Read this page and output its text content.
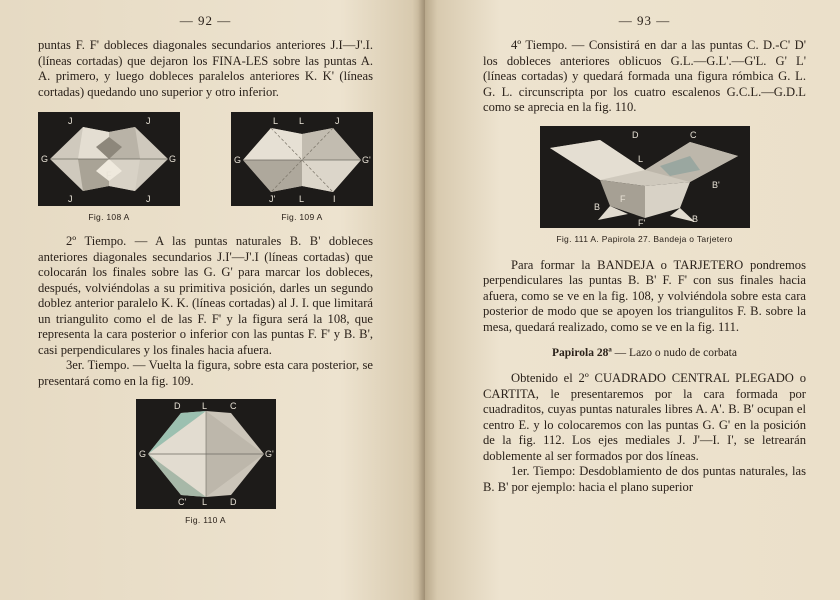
— 92 —

puntas F. F' dobleces diagonales secundarios anteriores J.I—J'.I. (líneas cortadas) que dejaron los FINA-LES sobre las puntas A. A. primero, y luego dobleces paralelos anteriores K. K' (líneas cortadas) quedando uno superior y otro inferior.

J	J
G	G
F
J	J
Fig. 108 A
L L	J
G	G'
J'	L	I
Fig. 109 A

2º Tiempo. — A las puntas naturales B. B' dobleces anteriores diagonales secundarios J.I'—J'.I (líneas cortadas) que colocarán los finales sobre las G. G' para marcar los dobleces, después, volviéndolas a su primitiva posición, darles un segundo doblez anterior paralelo K. K. (líneas cortadas) al J. I. que limitará un triangulito como el de las F. F' y la figura será la 108, que representa la cara posterior o inferior con las puntas F. F' y B. B', casi perpendiculares y los finales hacia afuera.

3er. Tiempo. — Vuelta la figura, sobre esta cara posterior, se presentará como en la fig. 109.

D L	C
G	G'
C' L	D
Fig. 110 A
— 93 —

4º Tiempo. — Consistirá en dar a las puntas C. D.-C' D' los dobleces anteriores oblicuos G.L.—G.L'.—G'L. G' L' (líneas cortadas) y quedará formada una figura rómbica G. L. G. L. circunscripta por los cuatro escalenos G.C.L.—G.D.L como se aprecia en la fig. 110.

D	C
L
B
F
B
F'
B'
Fig. 111 A. Papirola 27. Bandeja o Tarjetero

Para formar la BANDEJA o TARJETERO pondremos perpendiculares las puntas B. B' F. F' con sus finales hacia afuera, como se ve en la fig. 108, y volviéndola sobre esta cara posterior de modo que se apoyen los triangulitos F. B. sobre la mesa, quedará realizado, como se ve en la fig. 111.

Papirola 28ª — Lazo o nudo de corbata

Obtenido el 2º CUADRADO CENTRAL PLEGADO o CARTITA, le presentaremos por la cara formada por cuadraditos, cuyas puntas naturales libres A. A'. B. B' ocupan el centro E. y lo colocaremos con las puntas G. G' en la posición de la fig. 112. Los ejes mediales J. J'—I. I', se letrearán doblemente al ser formados por dos líneas.

1er. Tiempo: Desdoblamiento de dos puntas naturales, las B. B' por ejemplo: hacia el plano superior
